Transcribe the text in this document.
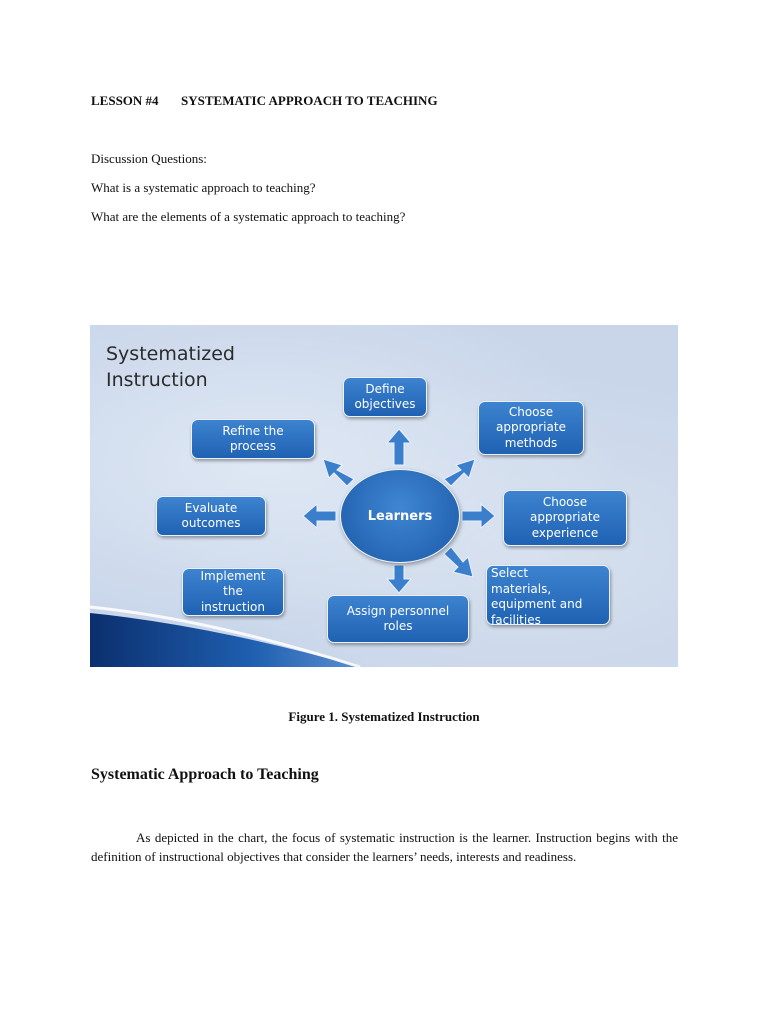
LESSON #4 SYSTEMATIC APPROACH TO TEACHING
Discussion Questions:
What is a systematic approach to teaching?
What are the elements of a systematic approach to teaching?
Systematized
Instruction	Define
objectives
Choose
appropriate
methods
Choose
appropriate
experience
Select
materials,
equipment and
facilities
Assign personnel
roles
Implement
the
instruction
Evaluate
outcomes
Refine the
process
Learners
Figure 1. Systematized Instruction
Systematic Approach to Teaching
As depicted in the chart, the focus of systematic instruction is the learner. Instruction begins with the definition of instructional objectives that consider the learners’ needs, interests and readiness.
